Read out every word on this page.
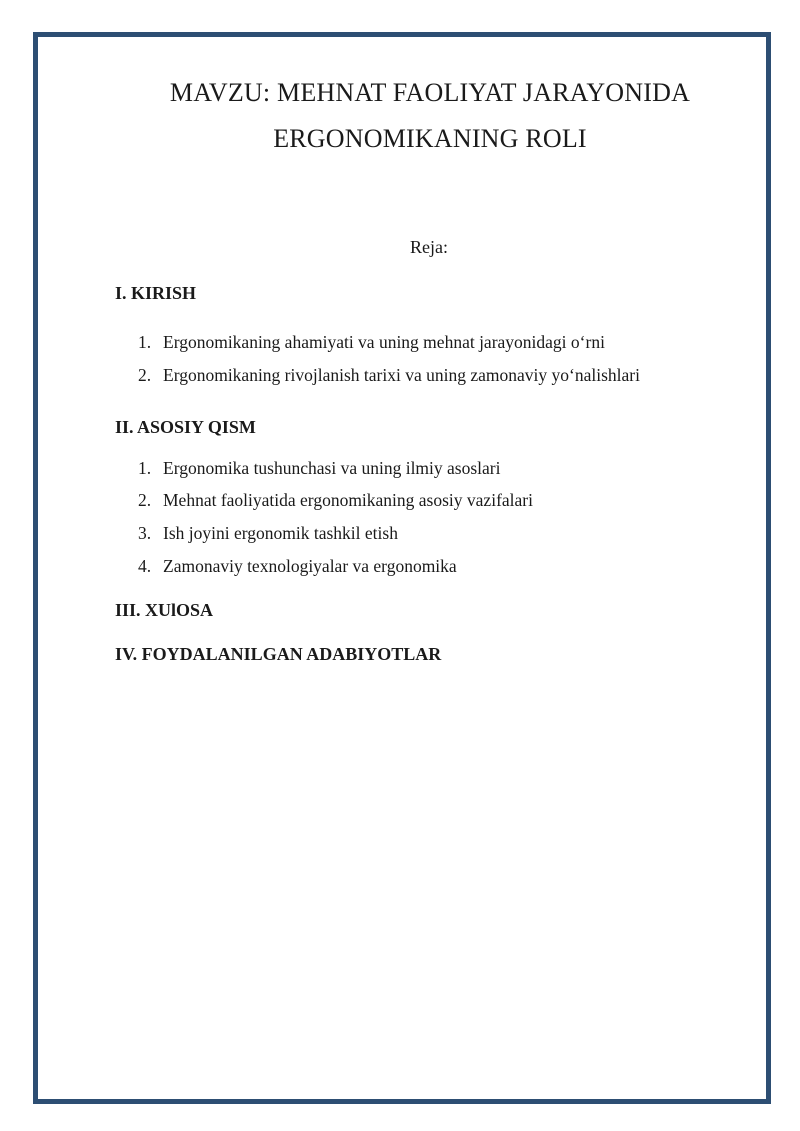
MAVZU: MEHNAT FAOLIYAT JARAYONIDA
ERGONOMIKANING ROLI
Reja:
I. KIRISH
1. Ergonomikaning ahamiyati va uning mehnat jarayonidagi o‘rni
2. Ergonomikaning rivojlanish tarixi va uning zamonaviy yo‘nalishlari
II. ASOSIY QISM
1. Ergonomika tushunchasi va uning ilmiy asoslari
2. Mehnat faoliyatida ergonomikaning asosiy vazifalari
3. Ish joyini ergonomik tashkil etish
4. Zamonaviy texnologiyalar va ergonomika
III. XUlOSA
IV. FOYDALANILGAN ADABIYOTLAR
